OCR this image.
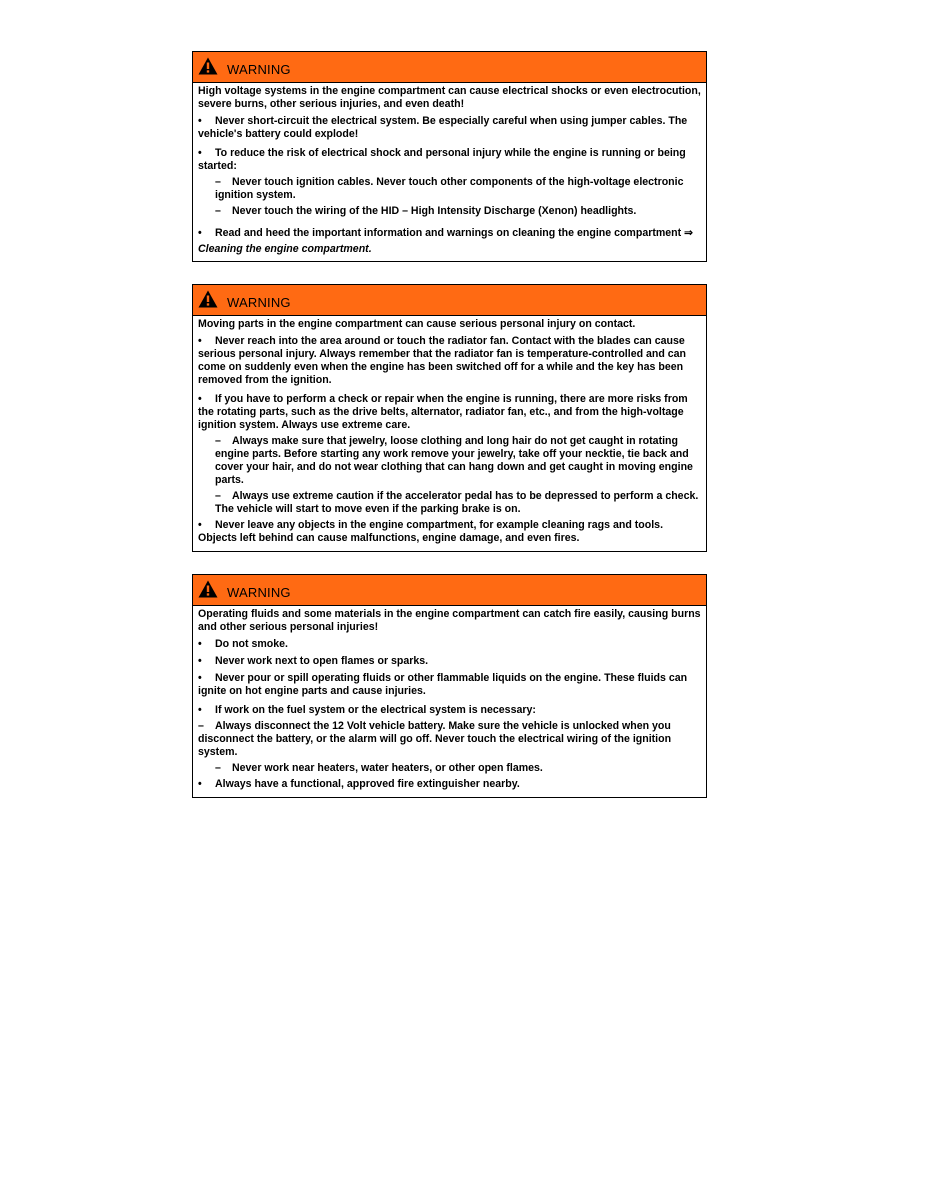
WARNING

High voltage systems in the engine compartment can cause electrical shocks or even electrocution, severe burns, other serious injuries, and even death!

• Never short-circuit the electrical system. Be especially careful when using jumper cables. The vehicle's battery could explode!

• To reduce the risk of electrical shock and personal injury while the engine is running or being started:

– Never touch ignition cables. Never touch other components of the high-voltage electronic ignition system.

– Never touch the wiring of the HID – High Intensity Discharge (Xenon) headlights.

• Read and heed the important information and warnings on cleaning the engine compartment ⇒ Cleaning the engine compartment.

WARNING

Moving parts in the engine compartment can cause serious personal injury on contact.

• Never reach into the area around or touch the radiator fan. Contact with the blades can cause serious personal injury. Always remember that the radiator fan is temperature-controlled and can come on suddenly even when the engine has been switched off for a while and the key has been removed from the ignition.

• If you have to perform a check or repair when the engine is running, there are more risks from the rotating parts, such as the drive belts, alternator, radiator fan, etc., and from the high-voltage ignition system. Always use extreme care.

– Always make sure that jewelry, loose clothing and long hair do not get caught in rotating engine parts. Before starting any work remove your jewelry, take off your necktie, tie back and cover your hair, and do not wear clothing that can hang down and get caught in moving engine parts.

– Always use extreme caution if the accelerator pedal has to be depressed to perform a check. The vehicle will start to move even if the parking brake is on.

• Never leave any objects in the engine compartment, for example cleaning rags and tools. Objects left behind can cause malfunctions, engine damage, and even fires.

WARNING

Operating fluids and some materials in the engine compartment can catch fire easily, causing burns and other serious personal injuries!

• Do not smoke.

• Never work next to open flames or sparks.

• Never pour or spill operating fluids or other flammable liquids on the engine. These fluids can ignite on hot engine parts and cause injuries.

• If work on the fuel system or the electrical system is necessary:

– Always disconnect the 12 Volt vehicle battery. Make sure the vehicle is unlocked when you disconnect the battery, or the alarm will go off. Never touch the electrical wiring of the ignition system.

– Never work near heaters, water heaters, or other open flames.

• Always have a functional, approved fire extinguisher nearby.
